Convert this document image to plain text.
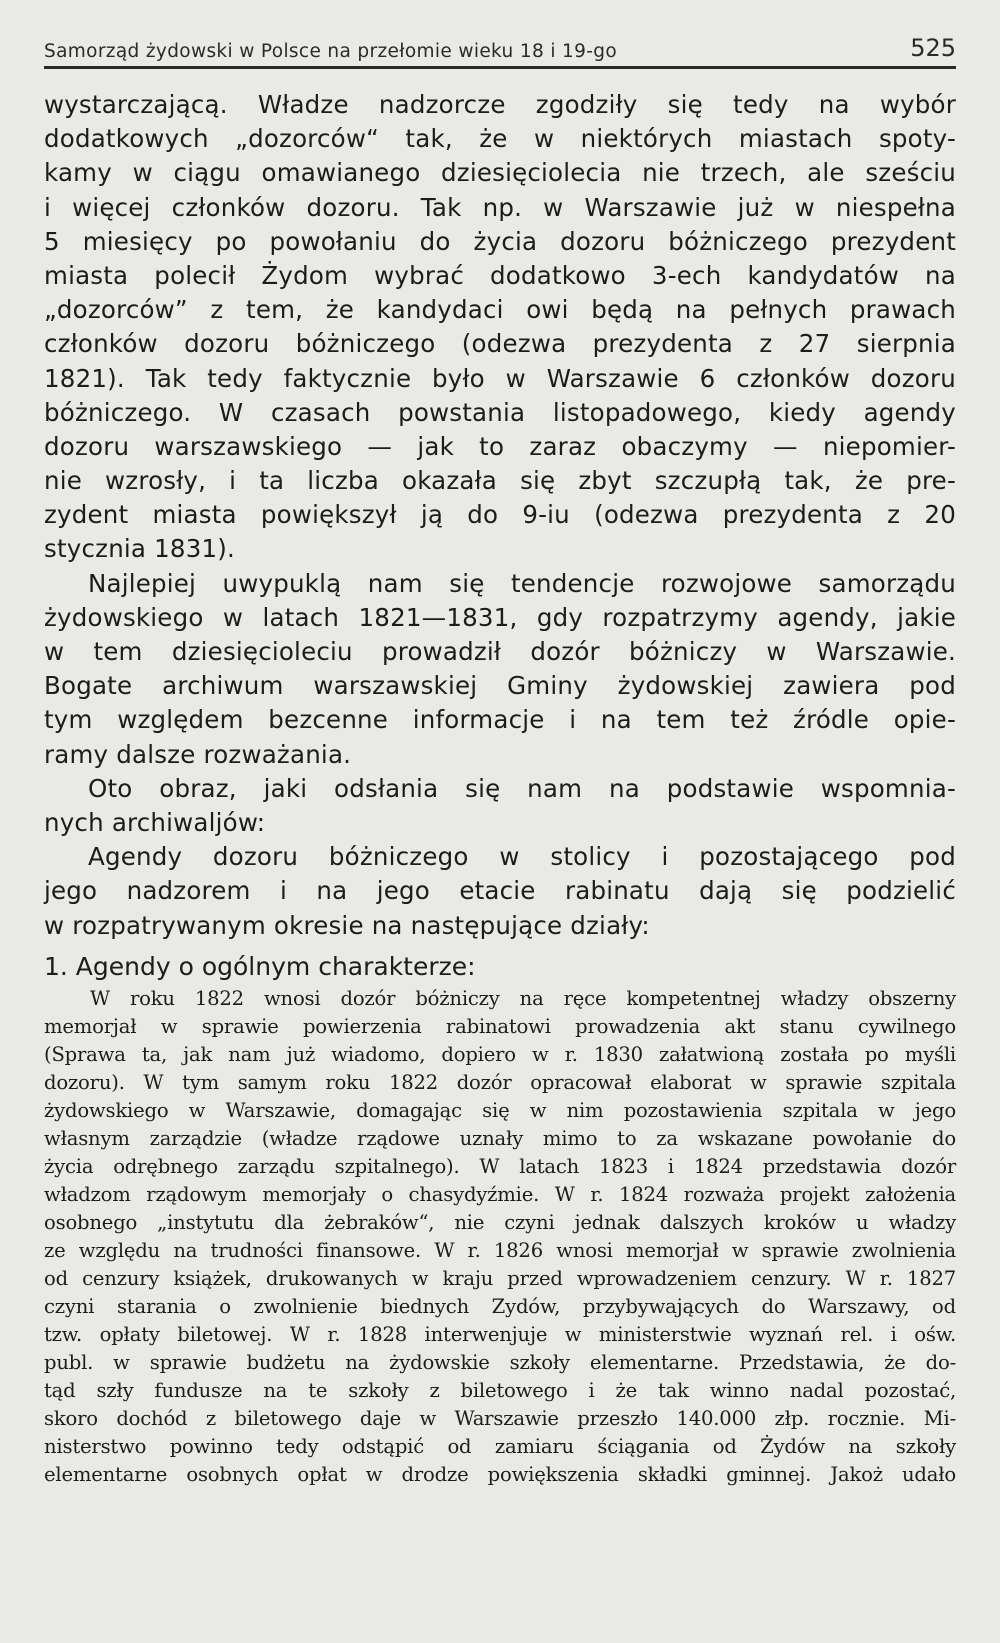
Samorząd żydowski w Polsce na przełomie wieku 18 i 19-go	525
wystarczającą. Władze nadzorcze zgodziły się tedy na wybór
dodatkowych „dozorców“ tak, że w niektórych miastach spoty-
kamy w ciągu omawianego dziesięciolecia nie trzech, ale sześciu
i więcej członków dozoru. Tak np. w Warszawie już w niespełna
5 miesięcy po powołaniu do życia dozoru bóżniczego prezydent
miasta polecił Żydom wybrać dodatkowo 3-ech kandydatów na
„dozorców” z tem, że kandydaci owi będą na pełnych prawach
członków dozoru bóżniczego (odezwa prezydenta z 27 sierpnia
1821). Tak tedy faktycznie było w Warszawie 6 członków dozoru
bóżniczego. W czasach powstania listopadowego, kiedy agendy
dozoru warszawskiego — jak to zaraz obaczymy — niepomier-
nie wzrosły, i ta liczba okazała się zbyt szczupłą tak, że pre-
zydent miasta powiększył ją do 9-iu (odezwa prezydenta z 20
stycznia 1831).
Najlepiej uwypuklą nam się tendencje rozwojowe samorządu
żydowskiego w latach 1821—1831, gdy rozpatrzymy agendy, jakie
w tem dziesięcioleciu prowadził dozór bóżniczy w Warszawie.
Bogate archiwum warszawskiej Gminy żydowskiej zawiera pod
tym względem bezcenne informacje i na tem też źródle opie-
ramy dalsze rozważania.
Oto obraz, jaki odsłania się nam na podstawie wspomnia-
nych archiwaljów:
Agendy dozoru bóżniczego w stolicy i pozostającego pod
jego nadzorem i na jego etacie rabinatu dają się podzielić
w rozpatrywanym okresie na następujące działy:
1. Agendy o ogólnym charakterze:
W roku 1822 wnosi dozór bóżniczy na ręce kompetentnej władzy obszerny
memorjał w sprawie powierzenia rabinatowi prowadzenia akt stanu cywilnego
(Sprawa ta, jak nam już wiadomo, dopiero w r. 1830 załatwioną została po myśli
dozoru). W tym samym roku 1822 dozór opracował elaborat w sprawie szpitala
żydowskiego w Warszawie, domagając się w nim pozostawienia szpitala w jego
własnym zarządzie (władze rządowe uznały mimo to za wskazane powołanie do
życia odrębnego zarządu szpitalnego). W latach 1823 i 1824 przedstawia dozór
władzom rządowym memorjały o chasydyźmie. W r. 1824 rozważa projekt założenia
osobnego „instytutu dla żebraków“, nie czyni jednak dalszych kroków u władzy
ze względu na trudności finansowe. W r. 1826 wnosi memorjał w sprawie zwolnienia
od cenzury książek, drukowanych w kraju przed wprowadzeniem cenzury. W r. 1827
czyni starania o zwolnienie biednych Zydów, przybywających do Warszawy, od
tzw. opłaty biletowej. W r. 1828 interwenjuje w ministerstwie wyznań rel. i ośw.
publ. w sprawie budżetu na żydowskie szkoły elementarne. Przedstawia, że do-
tąd szły fundusze na te szkoły z biletowego i że tak winno nadal pozostać,
skoro dochód z biletowego daje w Warszawie przeszło 140.000 złp. rocznie. Mi-
nisterstwo powinno tedy odstąpić od zamiaru ściągania od Żydów na szkoły
elementarne osobnych opłat w drodze powiększenia składki gminnej. Jakoż udało
